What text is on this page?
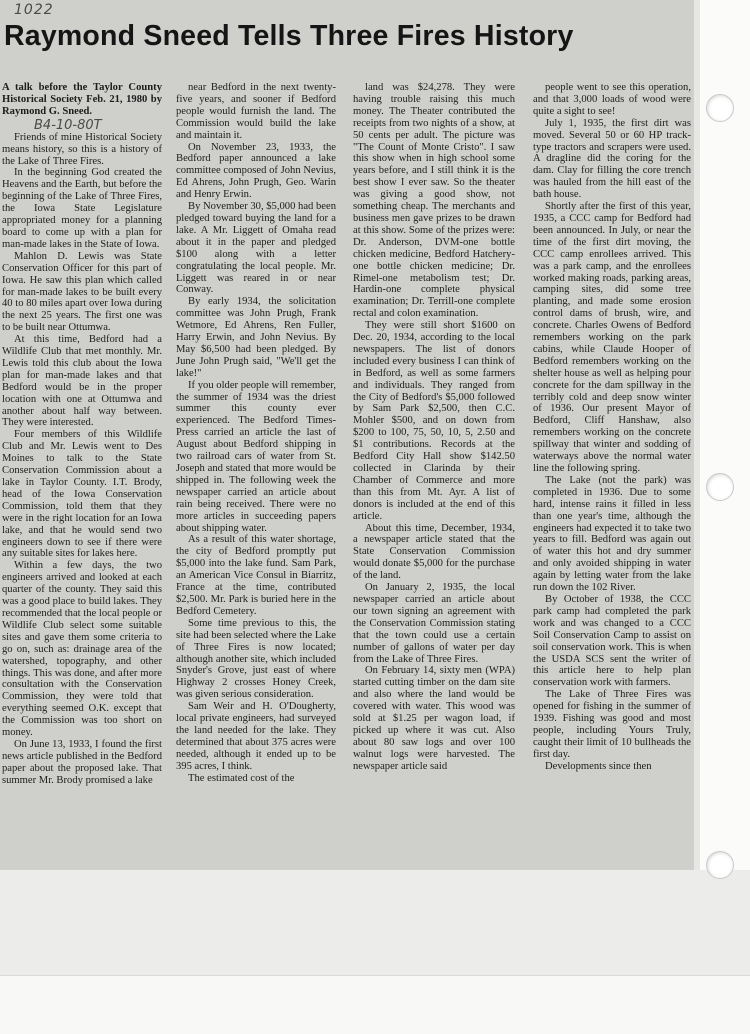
1022
Raymond Sneed Tells Three Fires History
B4-10-80T

A talk before the Taylor County Historical Society Feb. 21, 1980 by Raymond G. Sneed.

Friends of mine Historical Society means history, so this is a history of the Lake of Three Fires.

In the beginning God created the Heavens and the Earth, but before the beginning of the Lake of Three Fires, the Iowa State Legislature appropriated money for a planning board to come up with a plan for man-made lakes in the State of Iowa.

Mahlon D. Lewis was State Conservation Officer for this part of Iowa. He saw this plan which called for man-made lakes to be built every 40 to 80 miles apart over Iowa during the next 25 years. The first one was to be built near Ottumwa.

At this time, Bedford had a Wildlife Club that met monthly. Mr. Lewis told this club about the Iowa plan for man-made lakes and that Bedford would be in the proper location with one at Ottumwa and another about half way between. They were interested.

Four members of this Wildlife Club and Mr. Lewis went to Des Moines to talk to the State Conservation Commission about a lake in Taylor County. I.T. Brody, head of the Iowa Conservation Commission, told them that they were in the right location for an Iowa lake, and that he would send two engineers down to see if there were any suitable sites for lakes here.

Within a few days, the two engineers arrived and looked at each quarter of the county. They said this was a good place to build lakes. They recommended that the local people or Wildlife Club select some suitable sites and gave them some criteria to go on, such as: drainage area of the watershed, topography, and other things. This was done, and after more consultation with the Conservation Commission, they were told that everything seemed O.K. except that the Commission was too short on money.

On June 13, 1933, I found the first news article published in the Bedford paper about the proposed lake. That summer Mr. Brody promised a lake

near Bedford in the next twenty-five years, and sooner if Bedford people would furnish the land. The Commission would build the lake and maintain it.

On November 23, 1933, the Bedford paper announced a lake committee composed of John Nevius, Ed Ahrens, John Prugh, Geo. Warin and Henry Erwin.

By November 30, $5,000 had been pledged toward buying the land for a lake. A Mr. Liggett of Omaha read about it in the paper and pledged $100 along with a letter congratulating the local people. Mr. Liggett was reared in or near Conway.

By early 1934, the solicitation committee was John Prugh, Frank Wetmore, Ed Ahrens, Ren Fuller, Harry Erwin, and John Nevius. By May $6,500 had been pledged. By June John Prugh said, "We'll get the lake!"

If you older people will remember, the summer of 1934 was the driest summer this county ever experienced. The Bedford Times-Press carried an article the last of August about Bedford shipping in two railroad cars of water from St. Joseph and stated that more would be shipped in. The following week the newspaper carried an article about rain being received. There were no more articles in succeeding papers about shipping water.

As a result of this water shortage, the city of Bedford promptly put $5,000 into the lake fund. Sam Park, an American Vice Consul in Biarritz, France at the time, contributed $2,500. Mr. Park is buried here in the Bedford Cemetery.

Some time previous to this, the site had been selected where the Lake of Three Fires is now located; although another site, which included Snyder's Grove, just east of where Highway 2 crosses Honey Creek, was given serious consideration.

Sam Weir and H. O'Dougherty, local private engineers, had surveyed the land needed for the lake. They determined that about 375 acres were needed, although it ended up to be 395 acres, I think.

The estimated cost of the

land was $24,278. They were having trouble raising this much money. The Theater contributed the receipts from two nights of a show, at 50 cents per adult. The picture was "The Count of Monte Cristo". I saw this show when in high school some years before, and I still think it is the best show I ever saw. So the theater was giving a good show, not something cheap. The merchants and business men gave prizes to be drawn at this show. Some of the prizes were: Dr. Anderson, DVM-one bottle chicken medicine, Bedford Hatchery-one bottle chicken medicine; Dr. Rimel-one metabolism test; Dr. Hardin-one complete physical examination; Dr. Terrill-one complete rectal and colon examination.

They were still short $1600 on Dec. 20, 1934, according to the local newspapers. The list of donors included every business I can think of in Bedford, as well as some farmers and individuals. They ranged from the City of Bedford's $5,000 followed by Sam Park $2,500, then C.C. Mohler $500, and on down from $200 to 100, 75, 50, 10, 5, 2.50 and $1 contributions. Records at the Bedford City Hall show $142.50 collected in Clarinda by their Chamber of Commerce and more than this from Mt. Ayr. A list of donors is included at the end of this article.

About this time, December, 1934, a newspaper article stated that the State Conservation Commission would donate $5,000 for the purchase of the land.

On January 2, 1935, the local newspaper carried an article about our town signing an agreement with the Conservation Commission stating that the town could use a certain number of gallons of water per day from the Lake of Three Fires.

On February 14, sixty men (WPA) started cutting timber on the dam site and also where the land would be covered with water. This wood was sold at $1.25 per wagon load, if picked up where it was cut. Also about 80 saw logs and over 100 walnut logs were harvested. The newspaper article said

people went to see this operation, and that 3,000 loads of wood were quite a sight to see!

July 1, 1935, the first dirt was moved. Several 50 or 60 HP track-type tractors and scrapers were used. A dragline did the coring for the dam. Clay for filling the core trench was hauled from the hill east of the bath house.

Shortly after the first of this year, 1935, a CCC camp for Bedford had been announced. In July, or near the time of the first dirt moving, the CCC camp enrollees arrived. This was a park camp, and the enrollees worked making roads, parking areas, camping sites, did some tree planting, and made some erosion control dams of brush, wire, and concrete. Charles Owens of Bedford remembers working on the park cabins, while Claude Hooper of Bedford remembers working on the shelter house as well as helping pour concrete for the dam spillway in the terribly cold and deep snow winter of 1936. Our present Mayor of Bedford, Cliff Hanshaw, also remembers working on the concrete spillway that winter and sodding of waterways above the normal water line the following spring.

The Lake (not the park) was completed in 1936. Due to some hard, intense rains it filled in less than one year's time, although the engineers had expected it to take two years to fill. Bedford was again out of water this hot and dry summer and only avoided shipping in water again by letting water from the lake run down the 102 River.

By October of 1938, the CCC park camp had completed the park work and was changed to a CCC Soil Conservation Camp to assist on soil conservation work. This is when the USDA SCS sent the writer of this article here to help plan conservation work with farmers.

The Lake of Three Fires was opened for fishing in the summer of 1939. Fishing was good and most people, including Yours Truly, caught their limit of 10 bullheads the first day.

Developments since then
